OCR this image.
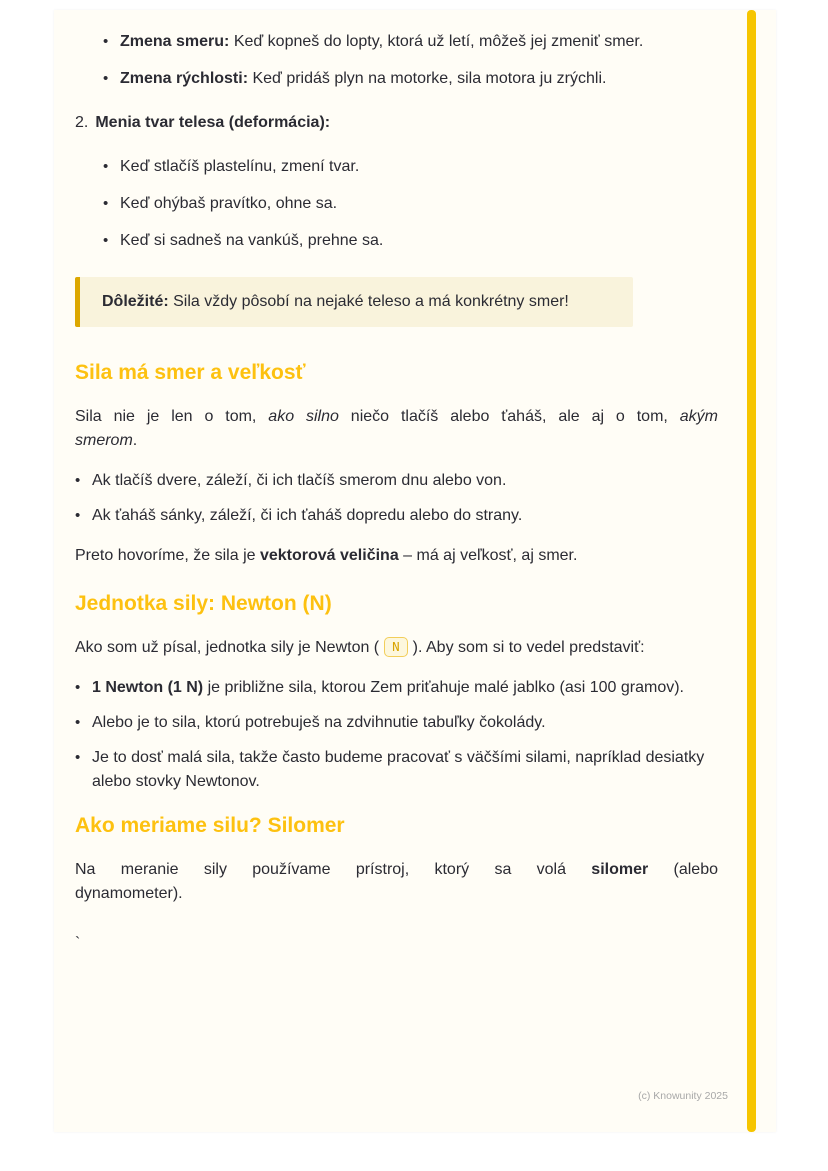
• Zmena smeru: Keď kopneš do lopty, ktorá už letí, môžeš jej zmeniť smer.
• Zmena rýchlosti: Keď pridáš plyn na motorke, sila motora ju zrýchli.
2. Menia tvar telesa (deformácia):
• Keď stlačíš plastelínu, zmení tvar.
• Keď ohýbaš pravítko, ohne sa.
• Keď si sadneš na vankúš, prehne sa.
Dôležité: Sila vždy pôsobí na nejaké teleso a má konkrétny smer!
Sila má smer a veľkosť

Sila nie je len o tom, ako silno niečo tlačíš alebo ťaháš, ale aj o tom, akým
smerom.

• Ak tlačíš dvere, záleží, či ich tlačíš smerom dnu alebo von.
• Ak ťaháš sánky, záleží, či ich ťaháš dopredu alebo do strany.

Preto hovoríme, že sila je vektorová veličina – má aj veľkosť, aj smer.

Jednotka sily: Newton (N)

Ako som už písal, jednotka sily je Newton ( N ). Aby som si to vedel predstaviť:

• 1 Newton (1 N) je približne sila, ktorou Zem priťahuje malé jablko (asi 100 gramov).
• Alebo je to sila, ktorú potrebuješ na zdvihnutie tabuľky čokolády.
• Je to dosť malá sila, takže často budeme pracovať s väčšími silami, napríklad desiatky alebo stovky Newtonov.
Ako meriame silu? Silomer

Na meranie sily používame prístroj, ktorý sa volá silomer (alebo
dynamometer).

`

(c) Knowunity 2025
